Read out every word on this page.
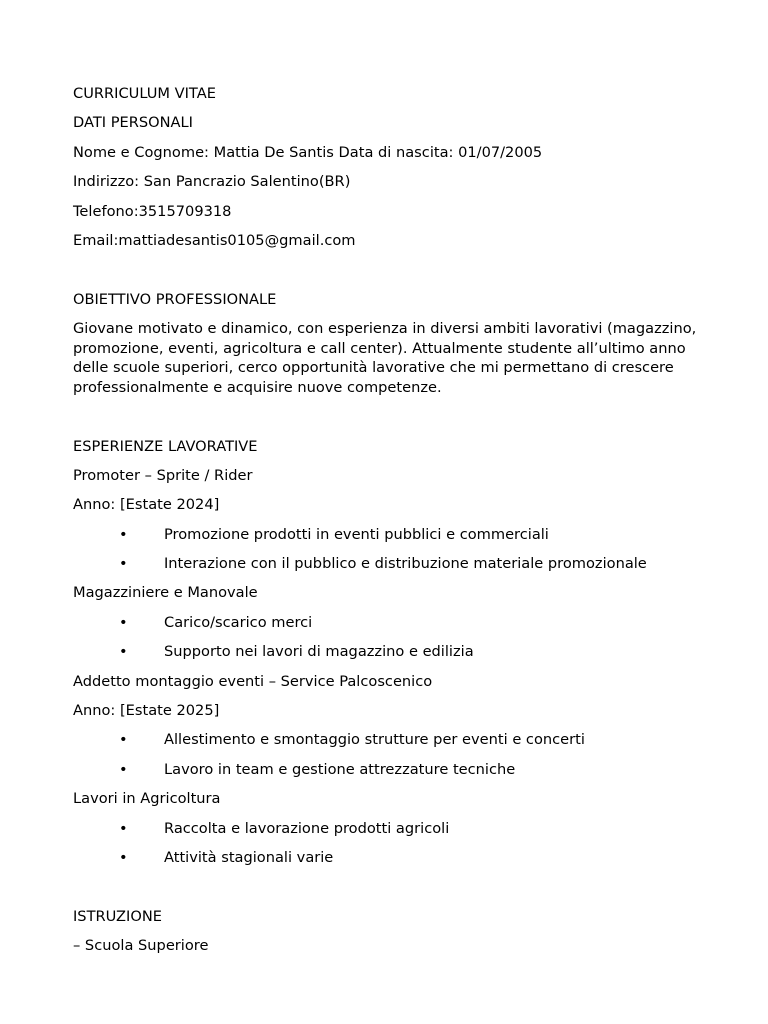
CURRICULUM VITAE

DATI PERSONALI

Nome e Cognome: Mattia De Santis Data di nascita: 01/07/2005

Indirizzo: San Pancrazio Salentino(BR)

Telefono:3515709318

Email:mattiadesantis0105@gmail.com

OBIETTIVO PROFESSIONALE

Giovane motivato e dinamico, con esperienza in diversi ambiti lavorativi (magazzino, promozione, eventi, agricoltura e call center). Attualmente studente all’ultimo anno delle scuole superiori, cerco opportunità lavorative che mi permettano di crescere professionalmente e acquisire nuove competenze.

ESPERIENZE LAVORATIVE

Promoter – Sprite / Rider

Anno: [Estate 2024]

• Promozione prodotti in eventi pubblici e commerciali
• Interazione con il pubblico e distribuzione materiale promozionale

Magazziniere e Manovale

• Carico/scarico merci
• Supporto nei lavori di magazzino e edilizia

Addetto montaggio eventi – Service Palcoscenico

Anno: [Estate 2025]

• Allestimento e smontaggio strutture per eventi e concerti
• Lavoro in team e gestione attrezzature tecniche

Lavori in Agricoltura

• Raccolta e lavorazione prodotti agricoli
• Attività stagionali varie

ISTRUZIONE

– Scuola Superiore
